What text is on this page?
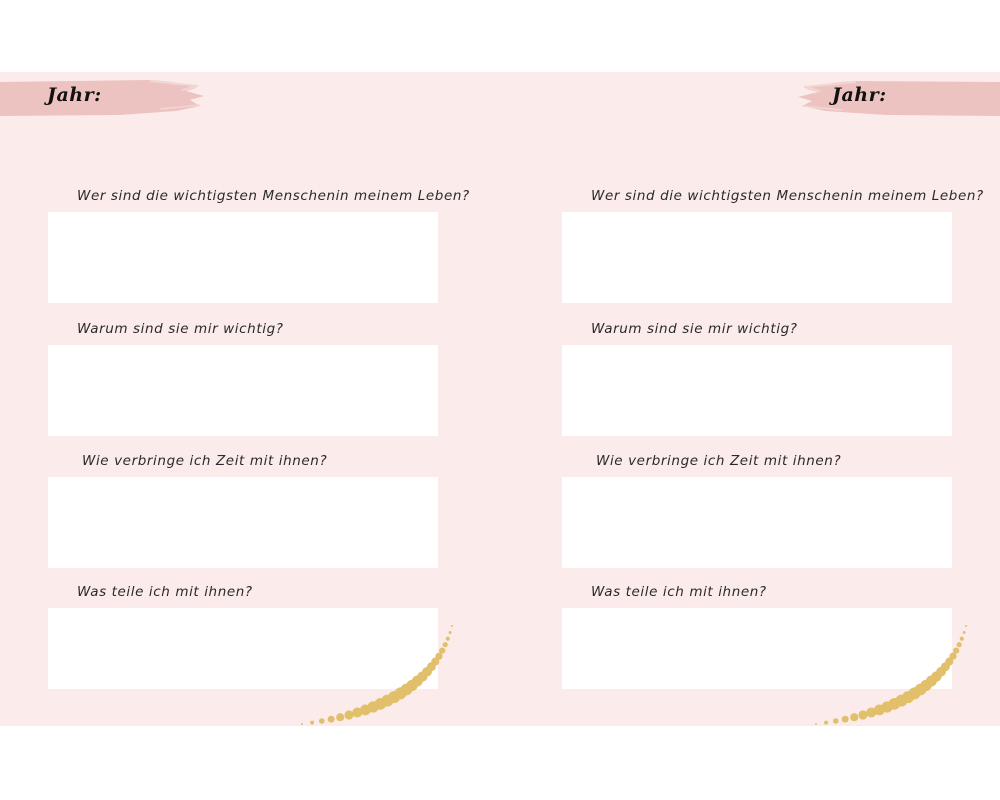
Jahr:
Wer sind die wichtigsten Menschenin meinem Leben?
Warum sind sie mir wichtig?
Wie verbringe ich Zeit mit ihnen?
Was teile ich mit ihnen?
Jahr:
Wer sind die wichtigsten Menschenin meinem Leben?
Warum sind sie mir wichtig?
Wie verbringe ich Zeit mit ihnen?
Was teile ich mit ihnen?
